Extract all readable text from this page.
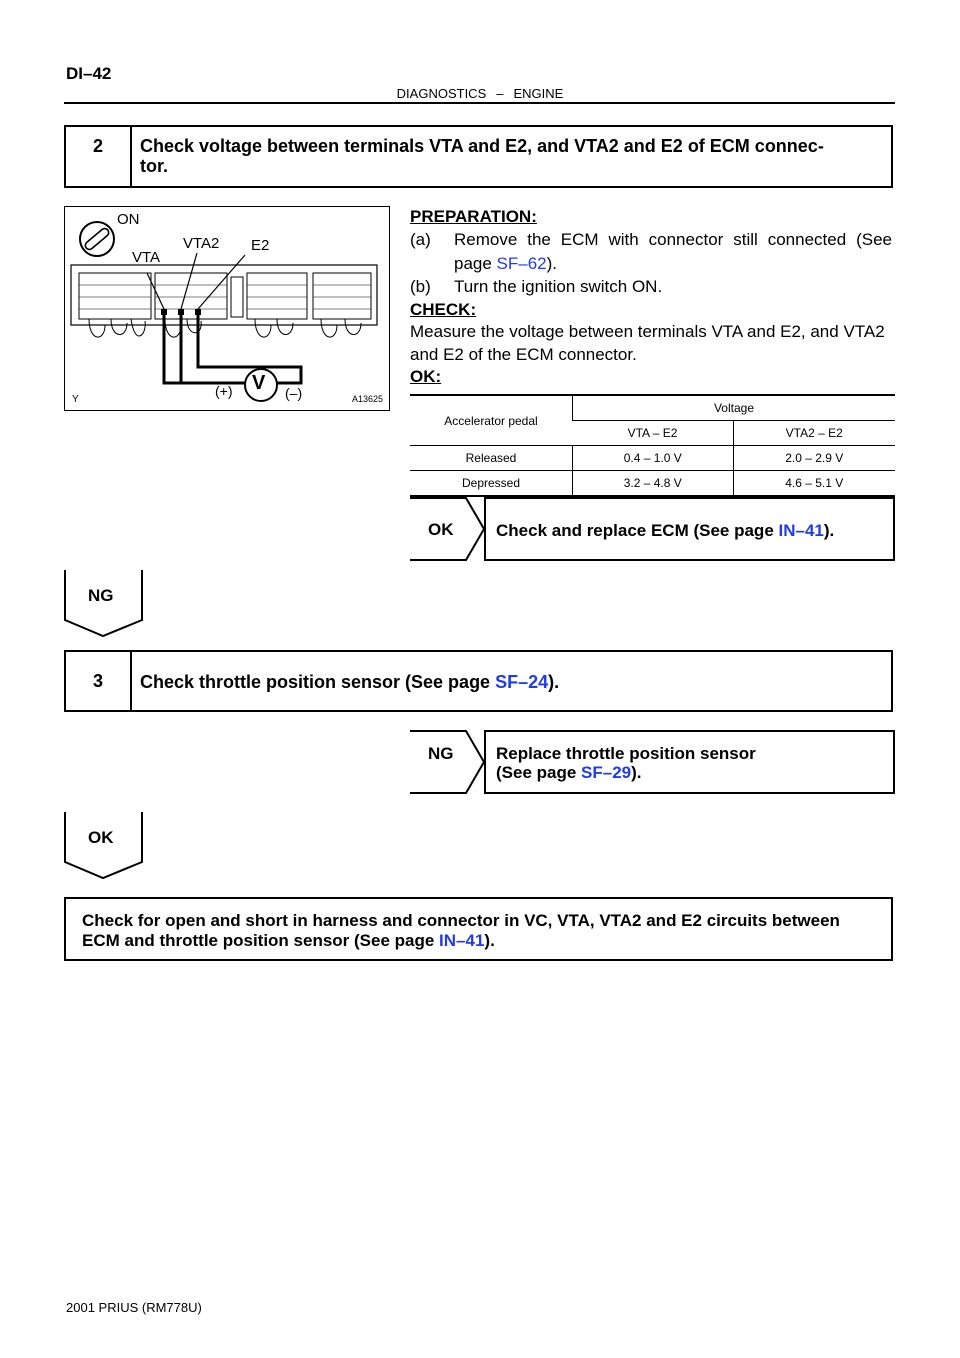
DI–42
DIAGNOSTICS – ENGINE
2	Check voltage between terminals VTA and E2, and VTA2 and E2 of ECM connec-
tor.
ON
VTA
VTA2 E2
V
(+)	(–)
Y	A13625
PREPARATION:
(a) Remove the ECM with connector still connected (See
page SF–62).
(b) Turn the ignition switch ON.
CHECK:
Measure the voltage between terminals VTA and E2, and VTA2
and E2 of the ECM connector.
OK:
Accelerator pedal	Voltage	
	VTA – E2	VTA2 – E2
Released	0.4 – 1.0 V	2.0 – 2.9 V
Depressed	3.2 – 4.8 V	4.6 – 5.1 V
OK	Check and replace ECM (See page IN–41).
NG
3	Check throttle position sensor (See page SF–24).
NG	Replace throttle position sensor
(See page SF–29).
OK
Check for open and short in harness and connector in VC, VTA, VTA2 and E2 circuits between
ECM and throttle position sensor (See page IN–41).
2001 PRIUS (RM778U)
